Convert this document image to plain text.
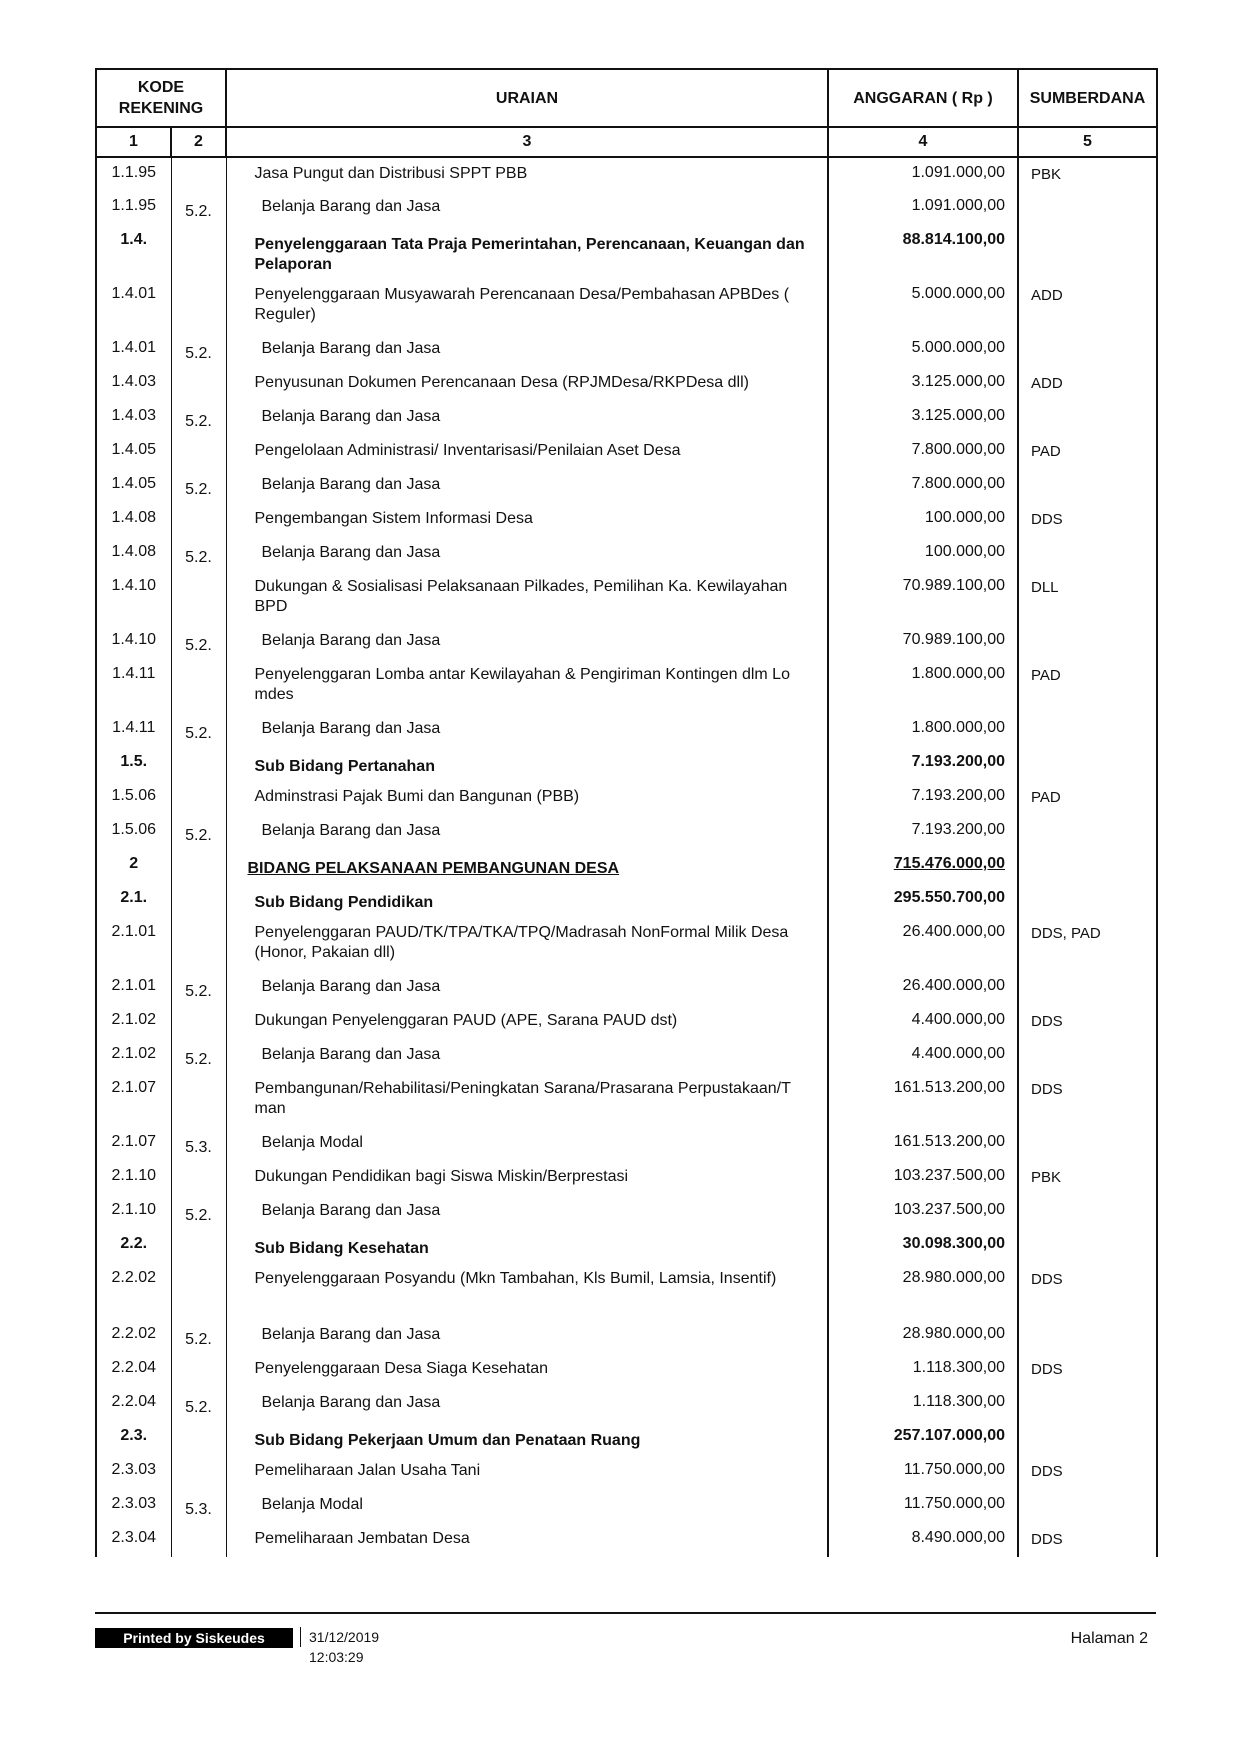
KODE REKENING		URAIAN	ANGGARAN ( Rp )	SUMBERDANA
1	2	3	4	5
1.1.95		Jasa Pungut dan Distribusi SPPT PBB	1.091.000,00	PBK
1.1.95	5.2.	Belanja Barang dan Jasa	1.091.000,00	
1.4.		Penyelenggaraan Tata Praja Pemerintahan, Perencanaan, Keuangan dan Pelaporan	88.814.100,00	
1.4.01		Penyelenggaraan Musyawarah Perencanaan Desa/Pembahasan APBDes ( Reguler)	5.000.000,00	ADD
1.4.01	5.2.	Belanja Barang dan Jasa	5.000.000,00	
1.4.03		Penyusunan Dokumen Perencanaan Desa (RPJMDesa/RKPDesa dll)	3.125.000,00	ADD
1.4.03	5.2.	Belanja Barang dan Jasa	3.125.000,00	
1.4.05		Pengelolaan Administrasi/ Inventarisasi/Penilaian Aset Desa	7.800.000,00	PAD
1.4.05	5.2.	Belanja Barang dan Jasa	7.800.000,00	
1.4.08		Pengembangan Sistem Informasi Desa	100.000,00	DDS
1.4.08	5.2.	Belanja Barang dan Jasa	100.000,00	
1.4.10		Dukungan & Sosialisasi Pelaksanaan Pilkades, Pemilihan Ka. Kewilayahan BPD	70.989.100,00	DLL
1.4.10	5.2.	Belanja Barang dan Jasa	70.989.100,00	
1.4.11		Penyelenggaran Lomba antar Kewilayahan & Pengiriman Kontingen dlm Lo mdes	1.800.000,00	PAD
1.4.11	5.2.	Belanja Barang dan Jasa	1.800.000,00	
1.5.		Sub Bidang Pertanahan	7.193.200,00	
1.5.06		Adminstrasi Pajak Bumi dan Bangunan (PBB)	7.193.200,00	PAD
1.5.06	5.2.	Belanja Barang dan Jasa	7.193.200,00	
2		BIDANG PELAKSANAAN PEMBANGUNAN DESA	715.476.000,00	
2.1.		Sub Bidang Pendidikan	295.550.700,00	
2.1.01		Penyelenggaran PAUD/TK/TPA/TKA/TPQ/Madrasah NonFormal Milik Desa (Honor, Pakaian dll)	26.400.000,00	DDS, PAD
2.1.01	5.2.	Belanja Barang dan Jasa	26.400.000,00	
2.1.02		Dukungan Penyelenggaran PAUD (APE, Sarana PAUD dst)	4.400.000,00	DDS
2.1.02	5.2.	Belanja Barang dan Jasa	4.400.000,00	
2.1.07		Pembangunan/Rehabilitasi/Peningkatan Sarana/Prasarana Perpustakaan/T man	161.513.200,00	DDS
2.1.07	5.3.	Belanja Modal	161.513.200,00	
2.1.10		Dukungan Pendidikan bagi Siswa Miskin/Berprestasi	103.237.500,00	PBK
2.1.10	5.2.	Belanja Barang dan Jasa	103.237.500,00	
2.2.		Sub Bidang Kesehatan	30.098.300,00	
2.2.02		Penyelenggaraan Posyandu (Mkn Tambahan, Kls Bumil, Lamsia, Insentif)	28.980.000,00	DDS
2.2.02	5.2.	Belanja Barang dan Jasa	28.980.000,00	
2.2.04		Penyelenggaraan Desa Siaga Kesehatan	1.118.300,00	DDS
2.2.04	5.2.	Belanja Barang dan Jasa	1.118.300,00	
2.3.		Sub Bidang Pekerjaan Umum dan Penataan Ruang	257.107.000,00	
2.3.03		Pemeliharaan Jalan Usaha Tani	11.750.000,00	DDS
2.3.03	5.3.	Belanja Modal	11.750.000,00	
2.3.04		Pemeliharaan Jembatan Desa	8.490.000,00	DDS
Printed by Siskeudes	31/12/2019 12:03:29
Halaman 2
